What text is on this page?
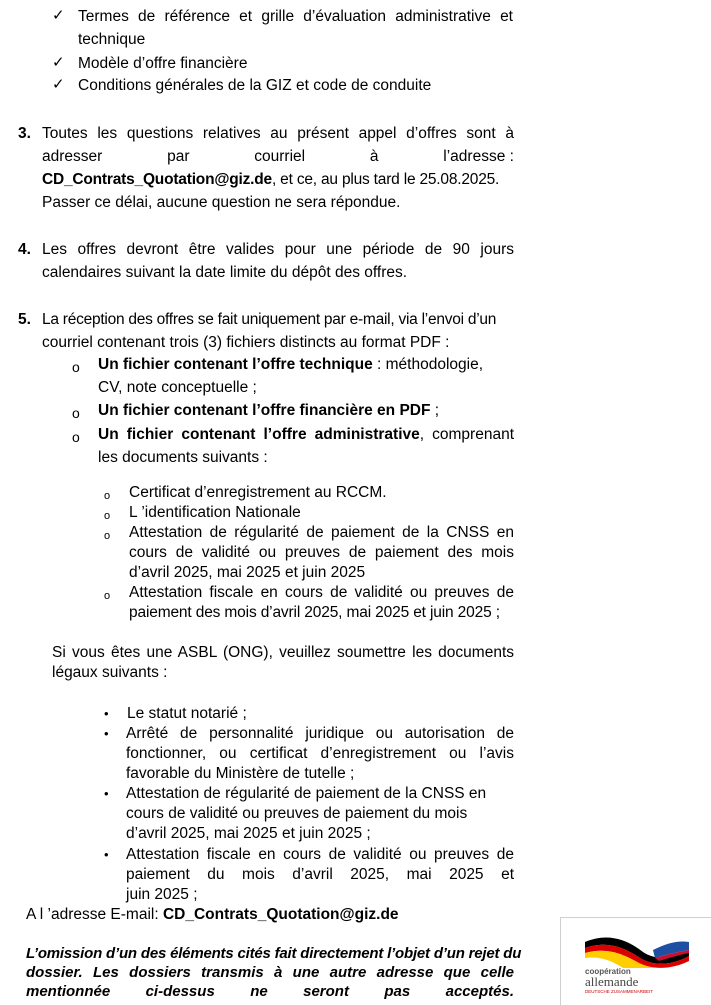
✓ Termes de référence et grille d’évaluation administrative et
technique
✓ Modèle d’offre financière
✓ Conditions générales de la GIZ et code de conduite
3. Toutes les questions relatives au présent appel d’offres sont à
adresser	par	courriel	à	l’adresse :
CD_Contrats_Quotation@giz.de, et ce, au plus tard le 25.08.2025.
Passer ce délai, aucune question ne sera répondue.
4. Les offres devront être valides pour une période de 90 jours
calendaires suivant la date limite du dépôt des offres.
5. La réception des offres se fait uniquement par e-mail, via l’envoi d’un
courriel contenant trois (3) fichiers distincts au format PDF :
o Un fichier contenant l’offre technique : méthodologie,
CV, note conceptuelle ;
o Un fichier contenant l’offre financière en PDF ;
o Un fichier contenant l’offre administrative, comprenant
les documents suivants :
o Certificat d’enregistrement au RCCM.
o L ’identification Nationale
o Attestation de régularité de paiement de la CNSS en
cours de validité ou preuves de paiement des mois
d’avril 2025, mai 2025 et juin 2025
o Attestation fiscale en cours de validité ou preuves de
paiement des mois d’avril 2025, mai 2025 et juin 2025 ;
Si vous êtes une ASBL (ONG), veuillez soumettre les documents
légaux suivants :
• Le statut notarié ;
• Arrêté de personnalité juridique ou autorisation de
fonctionner, ou certificat d’enregistrement ou l’avis
favorable du Ministère de tutelle ;
• Attestation de régularité de paiement de la CNSS en
cours de validité ou preuves de paiement du mois
d’avril 2025, mai 2025 et juin 2025 ;
• Attestation fiscale en cours de validité ou preuves de
paiement du mois d’avril 2025, mai 2025 et
juin 2025 ;
A l ’adresse E-mail: CD_Contrats_Quotation@giz.de
L’omission d’un des éléments cités fait directement l’objet d’un rejet du
dossier. Les dossiers transmis à une autre adresse que celle
mentionnée ci-dessus ne seront pas acceptés.
coopération
allemande
DEUTSCHE ZUSAMMENARBEIT
